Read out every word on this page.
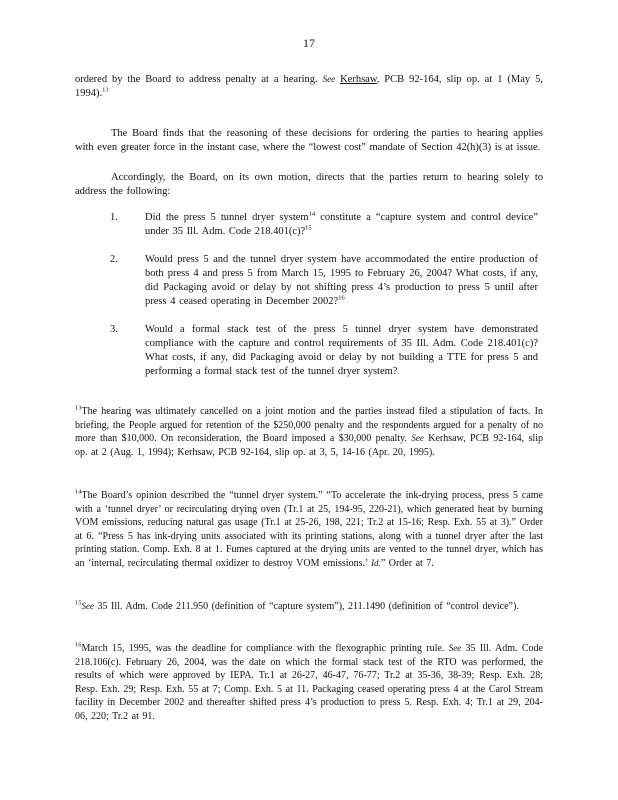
17
ordered by the Board to address penalty at a hearing. See Kerhsaw, PCB 92-164, slip op. at 1 (May 5, 1994).$^{13}$
The Board finds that the reasoning of these decisions for ordering the parties to hearing applies with even greater force in the instant case, where the “lowest cost” mandate of Section 42(h)(3) is at issue.
Accordingly, the Board, on its own motion, directs that the parties return to hearing solely to address the following:
1.	Did the press 5 tunnel dryer system$^{14}$ constitute a “capture system and control device” under 35 Ill. Adm. Code 218.401(c)?$^{15}$
2.	Would press 5 and the tunnel dryer system have accommodated the entire production of both press 4 and press 5 from March 15, 1995 to February 26, 2004? What costs, if any, did Packaging avoid or delay by not shifting press 4’s production to press 5 until after press 4 ceased operating in December 2002?$^{16}$
3.	Would a formal stack test of the press 5 tunnel dryer system have demonstrated compliance with the capture and control requirements of 35 Ill. Adm. Code 218.401(c)? What costs, if any, did Packaging avoid or delay by not building a TTE for press 5 and performing a formal stack test of the tunnel dryer system?
$^{13}$The hearing was ultimately cancelled on a joint motion and the parties instead filed a stipulation of facts. In briefing, the People argued for retention of the $250,000 penalty and the respondents argued for a penalty of no more than $10,000. On reconsideration, the Board imposed a $30,000 penalty. See Kerhsaw, PCB 92-164, slip op. at 2 (Aug. 1, 1994); Kerhsaw, PCB 92-164, slip op. at 3, 5, 14-16 (Apr. 20, 1995).
$^{14}$The Board’s opinion described the “tunnel dryer system.” “To accelerate the ink-drying process, press 5 came with a ‘tunnel dryer’ or recirculating drying oven (Tr.1 at 25, 194-95, 220-21), which generated heat by burning VOM emissions, reducing natural gas usage (Tr.1 at 25-26, 198, 221; Tr.2 at 15-16; Resp. Exh. 55 at 3).” Order at 6. “Press 5 has ink-drying units associated with its printing stations, along with a tunnel dryer after the last printing station. Comp. Exh. 8 at 1. Fumes captured at the drying units are vented to the tunnel dryer, which has an ‘internal, recirculating thermal oxidizer to destroy VOM emissions.’ Id.” Order at 7.
$^{15}$See 35 Ill. Adm. Code 211.950 (definition of “capture system”), 211.1490 (definition of “control device”).
$^{16}$March 15, 1995, was the deadline for compliance with the flexographic printing rule. See 35 Ill. Adm. Code 218.106(c). February 26, 2004, was the date on which the formal stack test of the RTO was performed, the results of which were approved by IEPA. Tr.1 at 26-27, 46-47, 76-77; Tr.2 at 35-36, 38-39; Resp. Exh. 28; Resp. Exh. 29; Resp. Exh. 55 at 7; Comp. Exh. 5 at 11. Packaging ceased operating press 4 at the Carol Stream facility in December 2002 and thereafter shifted press 4’s production to press 5. Resp. Exh. 4; Tr.1 at 29, 204-06, 220; Tr.2 at 91.
